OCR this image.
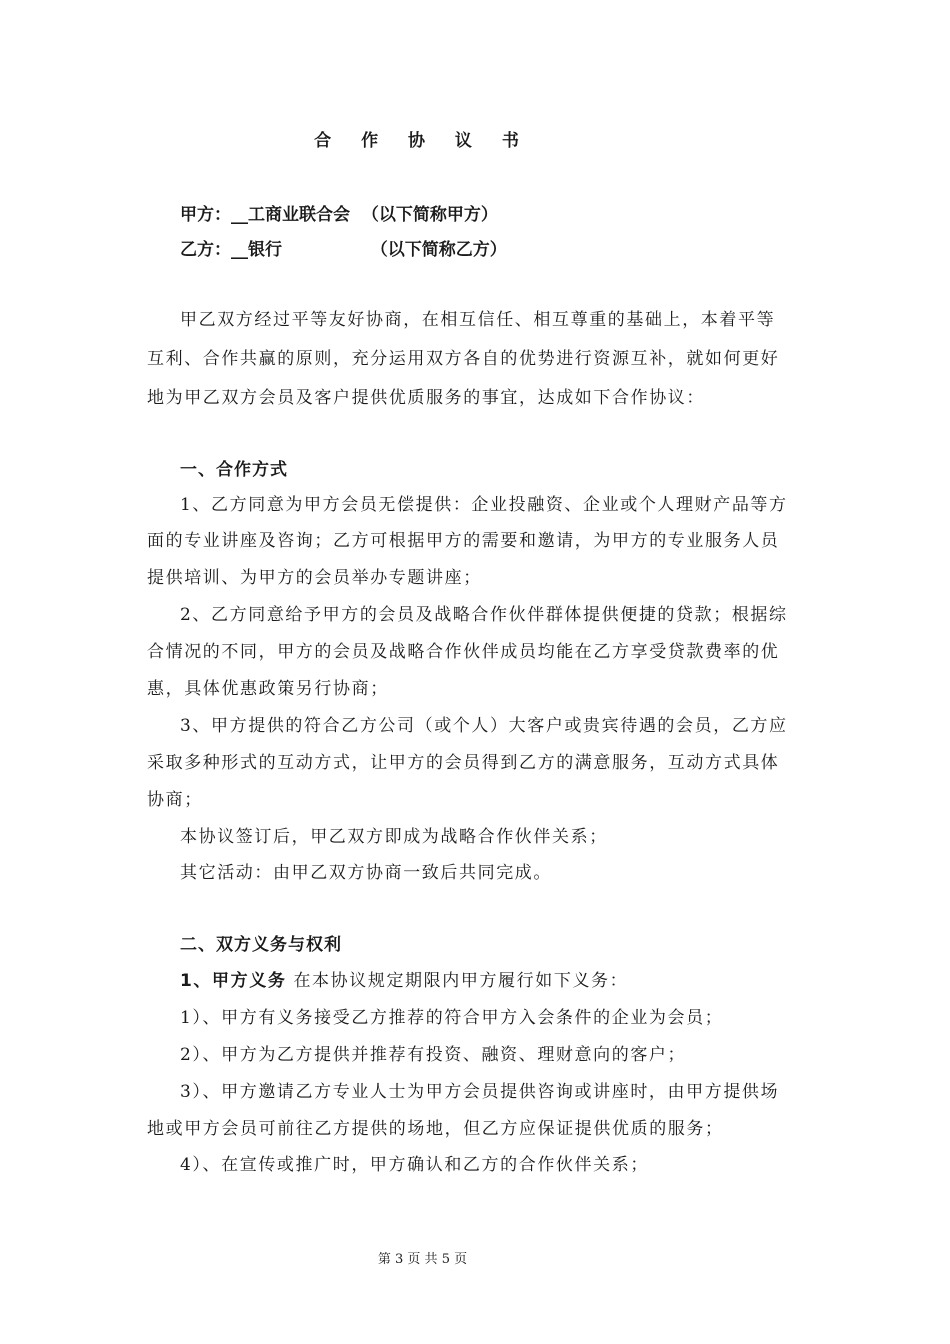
合 作 协 议 书
甲方：__工商业联合会  （以下简称甲方）
乙方：__银行               （以下简称乙方）
甲乙双方经过平等友好协商，在相互信任、相互尊重的基础上，本着平等
互利、合作共赢的原则，充分运用双方各自的优势进行资源互补，就如何更好
地为甲乙双方会员及客户提供优质服务的事宜，达成如下合作协议：
一、合作方式
1、乙方同意为甲方会员无偿提供：企业投融资、企业或个人理财产品等方
面的专业讲座及咨询；乙方可根据甲方的需要和邀请，为甲方的专业服务人员
提供培训、为甲方的会员举办专题讲座；
2、乙方同意给予甲方的会员及战略合作伙伴群体提供便捷的贷款；根据综
合情况的不同，甲方的会员及战略合作伙伴成员均能在乙方享受贷款费率的优
惠，具体优惠政策另行协商；
3、甲方提供的符合乙方公司（或个人）大客户或贵宾待遇的会员，乙方应
采取多种形式的互动方式，让甲方的会员得到乙方的满意服务，互动方式具体
协商；
本协议签订后，甲乙双方即成为战略合作伙伴关系；
其它活动：由甲乙双方协商一致后共同完成。
二、双方义务与权利
1、甲方义务 在本协议规定期限内甲方履行如下义务：
1）、甲方有义务接受乙方推荐的符合甲方入会条件的企业为会员；
2）、甲方为乙方提供并推荐有投资、融资、理财意向的客户；
3）、甲方邀请乙方专业人士为甲方会员提供咨询或讲座时，由甲方提供场
地或甲方会员可前往乙方提供的场地，但乙方应保证提供优质的服务；
4）、在宣传或推广时，甲方确认和乙方的合作伙伴关系；
第 3 页 共 5 页
